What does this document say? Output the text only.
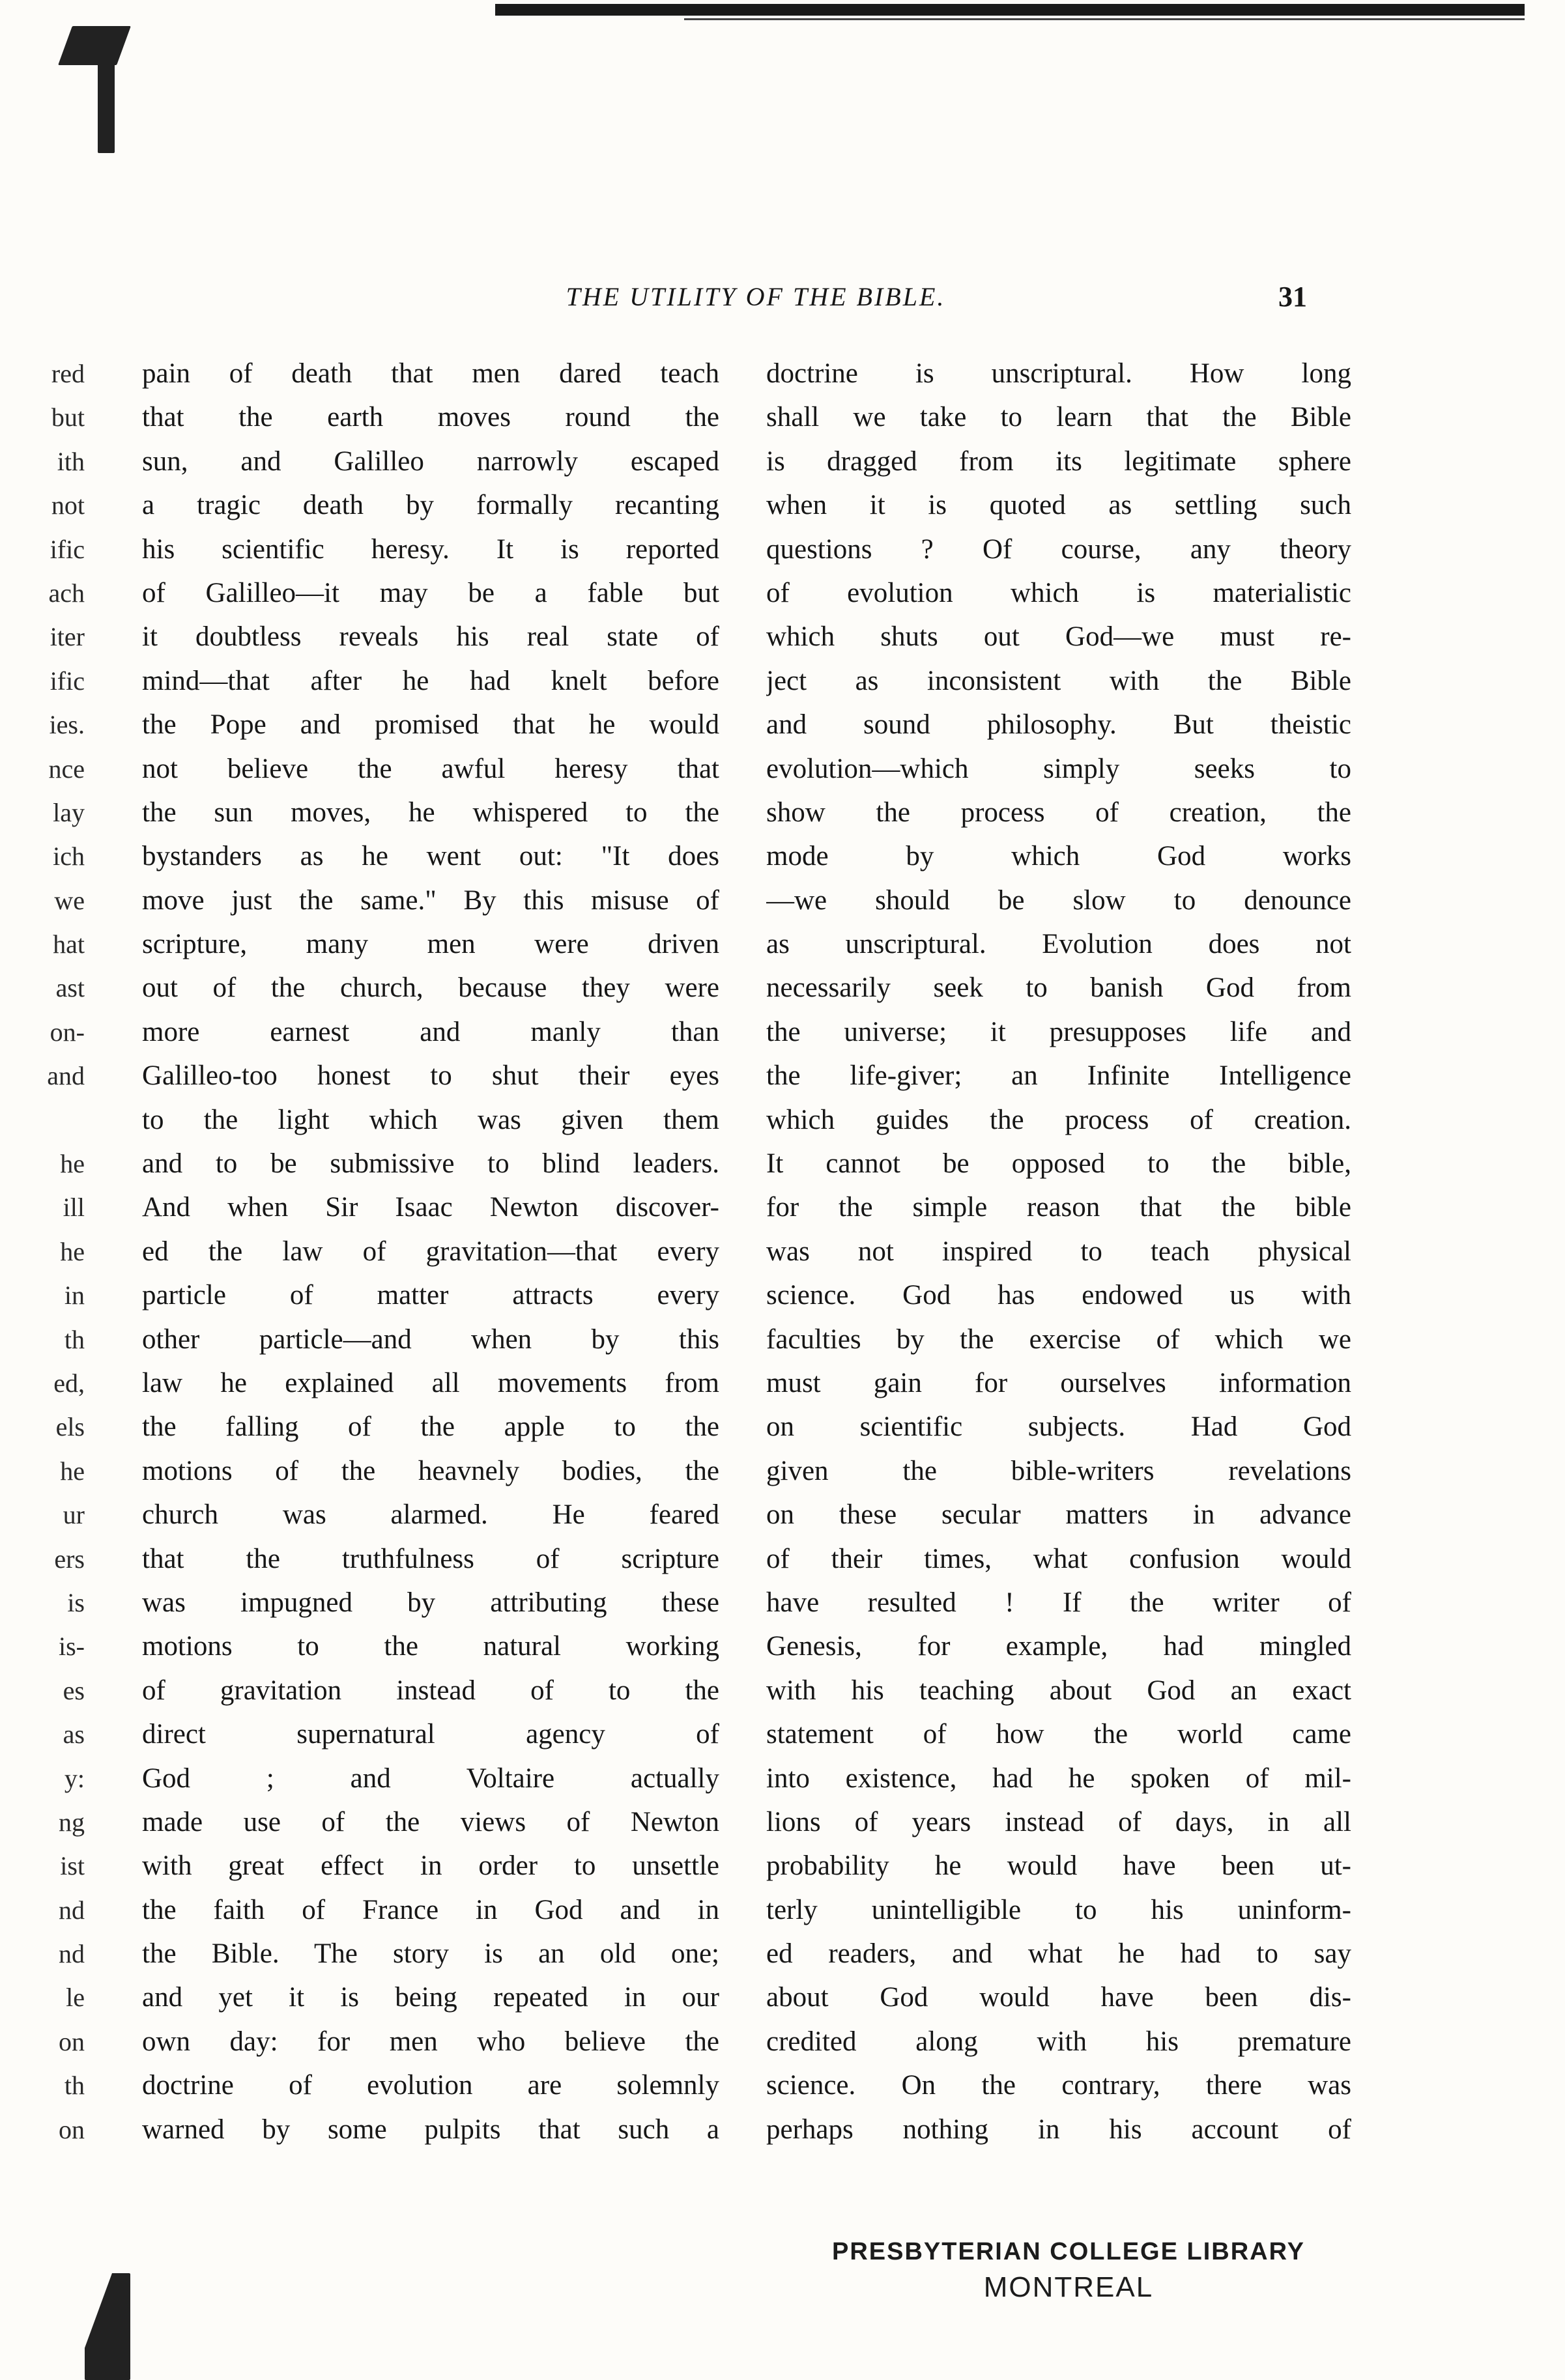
THE UTILITY OF THE BIBLE.	31
red
but
ith
not
ific
ach
iter
ific
ies.
nce
lay
ich
we
hat
ast
on-
and
he
ill
he
in
th
ed,
els
he
ur
ers
is
is-
es
as
y:
ng
ist
nd
nd
le
on
th
on
pain of death that men dared teach
that the earth moves round the
sun, and Galilleo narrowly escaped
a tragic death by formally recanting
his scientific heresy. It is reported
of Galilleo—it may be a fable but
it doubtless reveals his real state of
mind—that after he had knelt before
the Pope and promised that he would
not believe the awful heresy that
the sun moves, he whispered to the
bystanders as he went out: "It does
move just the same." By this misuse of
scripture, many men were driven
out of the church, because they were
more earnest and manly than
Galilleo-too honest to shut their eyes
to the light which was given them
and to be submissive to blind leaders.
And when Sir Isaac Newton discover-
ed the law of gravitation—that every
particle of matter attracts every
other particle—and when by this
law he explained all movements from
the falling of the apple to the
motions of the heavnely bodies, the
church was alarmed. He feared
that the truthfulness of scripture
was impugned by attributing these
motions to the natural working
of gravitation instead of to the
direct supernatural agency of
God ; and Voltaire actually
made use of the views of Newton
with great effect in order to unsettle
the faith of France in God and in
the Bible. The story is an old one;
and yet it is being repeated in our
own day: for men who believe the
doctrine of evolution are solemnly
warned by some pulpits that such a
doctrine is unscriptural. How long
shall we take to learn that the Bible
is dragged from its legitimate sphere
when it is quoted as settling such
questions ? Of course, any theory
of evolution which is materialistic
which shuts out God—we must re-
ject as inconsistent with the Bible
and sound philosophy. But theistic
evolution—which simply seeks to
show the process of creation, the
mode by which God works
—we should be slow to denounce
as unscriptural. Evolution does not
necessarily seek to banish God from
the universe; it presupposes life and
the life-giver; an Infinite Intelligence
which guides the process of creation.
It cannot be opposed to the bible,
for the simple reason that the bible
was not inspired to teach physical
science. God has endowed us with
faculties by the exercise of which we
must gain for ourselves information
on scientific subjects. Had God
given the bible-writers revelations
on these secular matters in advance
of their times, what confusion would
have resulted ! If the writer of
Genesis, for example, had mingled
with his teaching about God an exact
statement of how the world came
into existence, had he spoken of mil-
lions of years instead of days, in all
probability he would have been ut-
terly unintelligible to his uninform-
ed readers, and what he had to say
about God would have been dis-
credited along with his premature
science. On the contrary, there was
perhaps nothing in his account of
PRESBYTERIAN COLLEGE LIBRARY
MONTREAL
